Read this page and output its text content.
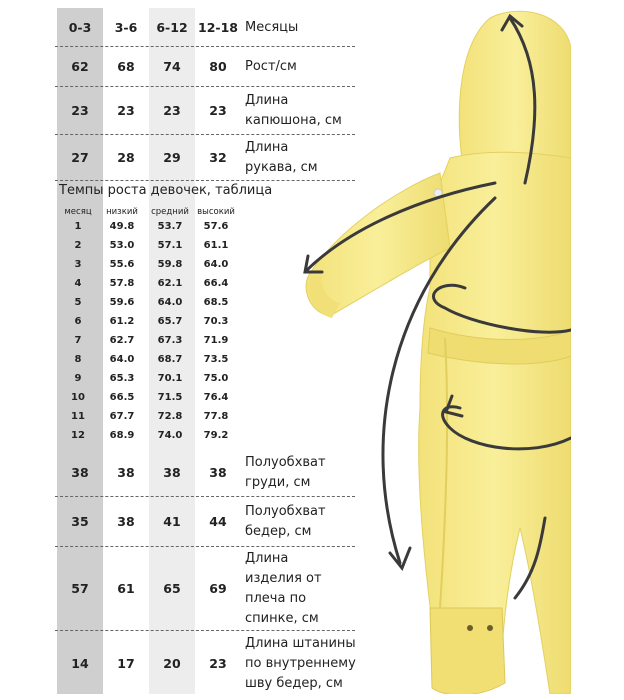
0-3	3-6	6-12 12-18 Месяцы
62	68	74	80	Рост/см
23	23	23	23
Длина
капюшона, см
27	28	29	32
Длина
рукава, см
Темпы роста девочек, таблица
месяц	низкий	средний высокий
1	49.8	53.7	57.6
2	53.0	57.1	61.1
3	55.6	59.8	64.0
4	57.8	62.1	66.4
5	59.6	64.0	68.5
6	61.2	65.7	70.3
7	62.7	67.3	71.9
8	64.0	68.7	73.5
9	65.3	70.1	75.0
10	66.5	71.5	76.4
11	67.7	72.8	77.8
12	68.9	74.0	79.2
38	38	38	38
Полуобхват
груди, см
35	38	41	44
Полуобхват
бедер, см
57	61	65	69
Длина
изделия от
плеча по
спинке, см
14	17	20	23
Длина штанины
по внутреннему
шву бедер, см
